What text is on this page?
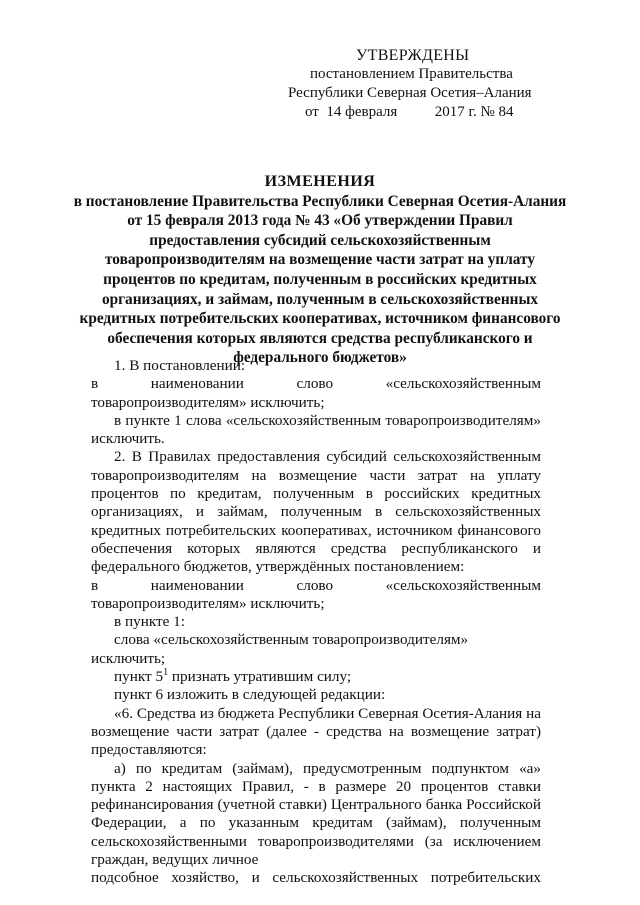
УТВЕРЖДЕНЫ
постановлением Правительства
Республики Северная Осетия–Алания
от  14 февраля          2017 г. № 84
ИЗМЕНЕНИЯ
в постановление Правительства Республики Северная Осетия-Алания
от 15 февраля 2013 года № 43 «Об утверждении Правил
предоставления субсидий сельскохозяйственным
товаропроизводителям на возмещение части затрат на уплату
процентов по кредитам, полученным в российских кредитных
организациях, и займам, полученным в сельскохозяйственных
кредитных потребительских кооперативах, источником финансового
обеспечения которых являются средства республиканского и
федерального бюджетов»

1. В постановлении:

в	наименовании	слово	«сельскохозяйственным

товаропроизводителям» исключить;

в пункте 1 слова «сельскохозяйственным товаропроизводителям» исключить.

2. В Правилах предоставления субсидий сельскохозяйственным товаропроизводителям на возмещение части затрат на уплату процентов по кредитам, полученным в российских кредитных организациях, и займам, полученным в сельскохозяйственных кредитных потребительских кооперативах, источником финансового обеспечения которых являются средства республиканского и федерального бюджетов, утверждённых постановлением:

в	наименовании	слово	«сельскохозяйственным

товаропроизводителям» исключить;

в пункте 1:

слова «сельскохозяйственным товаропроизводителям» исключить;

пункт $5^1$ признать утратившим силу;

пункт 6 изложить в следующей редакции:

«6. Средства из бюджета Республики Северная Осетия-Алания на возмещение части затрат (далее - средства на возмещение затрат) предоставляются:

а) по кредитам (займам), предусмотренным подпунктом «а» пункта 2 настоящих Правил, - в размере 20 процентов ставки рефинансирования (учетной ставки) Центрального банка Российской Федерации, а по указанным кредитам (займам), полученным сельскохозяйственными товаропроизводителями (за исключением граждан, ведущих личное

подсобное хозяйство, и сельскохозяйственных потребительских
